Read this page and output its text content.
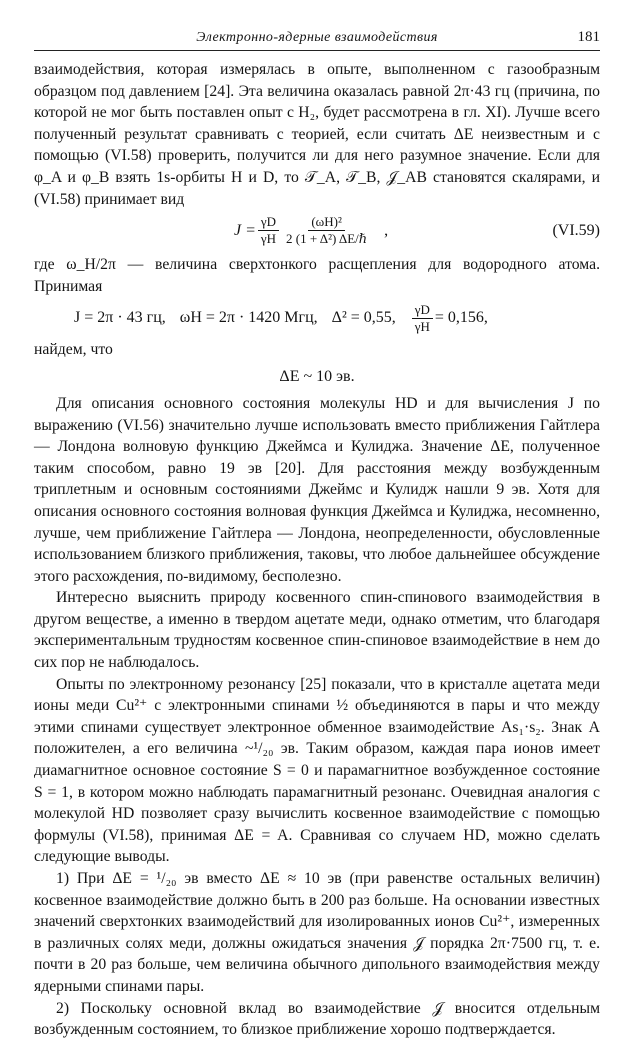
Электронно-ядерные взаимодействия	181

взаимодействия, которая измерялась в опыте, выполненном с газообразным образцом под давлением [24]. Эта величина оказалась равной 2π·43 гц (причина, по которой не мог быть поставлен опыт с H₂, будет рассмотрена в гл. XI). Лучше всего полученный результат сравнивать с теорией, если считать ΔE неизвестным и с помощью (VI.58) проверить, получится ли для него разумное значение. Если для φ_A и φ_B взять 1s-орбиты H и D, то 𝒯_A, 𝒯_B, 𝒥_AB становятся скалярами, и (VI.58) принимает вид

$J = \frac{\gamma D}{\gamma H} \frac{\text{(ωH)²}}{\text{2 (1 + Δ²) ΔE/ℏ}}$ ,	(VI.59)

где ω_H/2π — величина сверхтонкого расщепления для водородного атома. Принимая

J = 2π · 43 гц, ωH = 2π · 1420 Мгц, Δ² = 0,55, $\frac{\gamma D}{\gamma H} = 0,156$,

найдем, что

ΔE ~ 10 эв.

Для описания основного состояния молекулы HD и для вычисления J по выражению (VI.56) значительно лучше использовать вместо приближения Гайтлера — Лондона волновую функцию Джеймса и Кулиджа. Значение ΔE, полученное таким способом, равно 19 эв [20]. Для расстояния между возбужденным триплетным и основным состояниями Джеймс и Кулидж нашли 9 эв. Хотя для описания основного состояния волновая функция Джеймса и Кулиджа, несомненно, лучше, чем приближение Гайтлера — Лондона, неопределенности, обусловленные использованием близкого приближения, таковы, что любое дальнейшее обсуждение этого расхождения, по-видимому, бесполезно.

Интересно выяснить природу косвенного спин-спинового взаимодействия в другом веществе, а именно в твердом ацетате меди, однако отметим, что благодаря экспериментальным трудностям косвенное спин-спиновое взаимодействие в нем до сих пор не наблюдалось.

Опыты по электронному резонансу [25] показали, что в кристалле ацетата меди ионы меди Cu²⁺ с электронными спинами ½ объединяются в пары и что между этими спинами существует электронное обменное взаимодействие As₁·s₂. Знак A положителен, а его величина ~¹/₂₀ эв. Таким образом, каждая пара ионов имеет диамагнитное основное состояние S = 0 и парамагнитное возбужденное состояние S = 1, в котором можно наблюдать парамагнитный резонанс. Очевидная аналогия с молекулой HD позволяет сразу вычислить косвенное взаимодействие с помощью формулы (VI.58), принимая ΔE = A. Сравнивая со случаем HD, можно сделать следующие выводы.

1) При ΔE = ¹/₂₀ эв вместо ΔE ≈ 10 эв (при равенстве остальных величин) косвенное взаимодействие должно быть в 200 раз больше. На основании известных значений сверхтонких взаимодействий для изолированных ионов Cu²⁺, измеренных в различных солях меди, должны ожидаться значения 𝒥 порядка 2π·7500 гц, т. е. почти в 20 раз больше, чем величина обычного дипольного взаимодействия между ядерными спинами пары.

2) Поскольку основной вклад во взаимодействие 𝒥 вносится отдельным возбужденным состоянием, то близкое приближение хорошо подтверждается.
